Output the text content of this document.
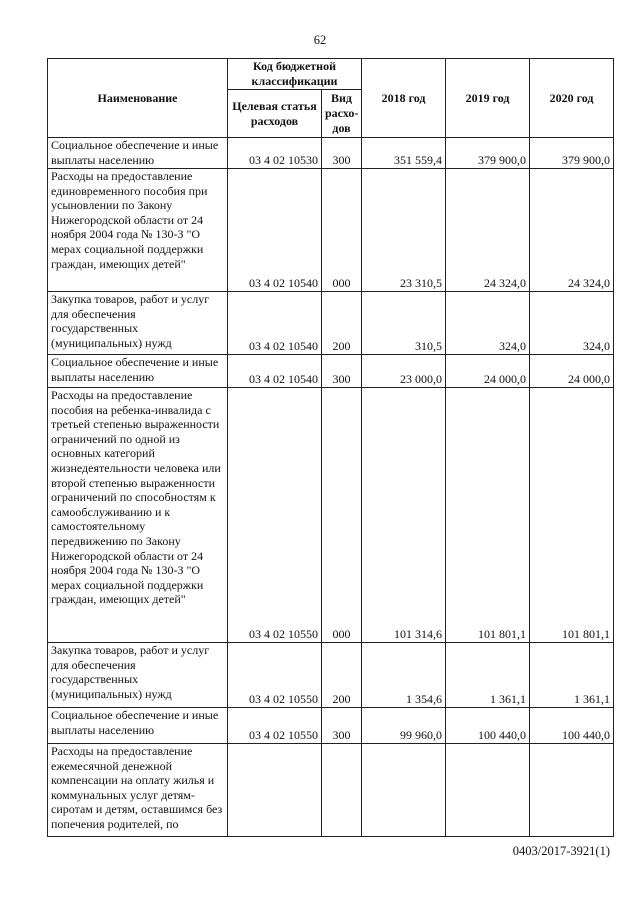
62
Наименование	Код бюджетной классификации		2018 год	2019 год	2020 год
	Целевая статья расходов	Вид расхо-дов			
Социальное обеспечение и иные выплаты населению	03 4 02 10530	300	351 559,4	379 900,0	379 900,0
Расходы на предоставление единовременного пособия при усыновлении по Закону Нижегородской области от 24 ноября 2004 года № 130-З "О мерах социальной поддержки граждан, имеющих детей"	03 4 02 10540	000	23 310,5	24 324,0	24 324,0
Закупка товаров, работ и услуг для обеспечения государственных (муниципальных) нужд	03 4 02 10540	200	310,5	324,0	324,0
Социальное обеспечение и иные выплаты населению	03 4 02 10540	300	23 000,0	24 000,0	24 000,0
Расходы на предоставление пособия на ребенка-инвалида с третьей степенью выраженности ограничений по одной из основных категорий жизнедеятельности человека или второй степенью выраженности ограничений по способностям к самообслуживанию и к самостоятельному передвижению по Закону Нижегородской области от 24 ноября 2004 года № 130-З "О мерах социальной поддержки граждан, имеющих детей"	03 4 02 10550	000	101 314,6	101 801,1	101 801,1
Закупка товаров, работ и услуг для обеспечения государственных (муниципальных) нужд	03 4 02 10550	200	1 354,6	1 361,1	1 361,1
Социальное обеспечение и иные выплаты населению	03 4 02 10550	300	99 960,0	100 440,0	100 440,0
Расходы на предоставление ежемесячной денежной компенсации на оплату жилья и коммунальных услуг детям-сиротам и детям, оставшимся без попечения родителей, по					
0403/2017-3921(1)
